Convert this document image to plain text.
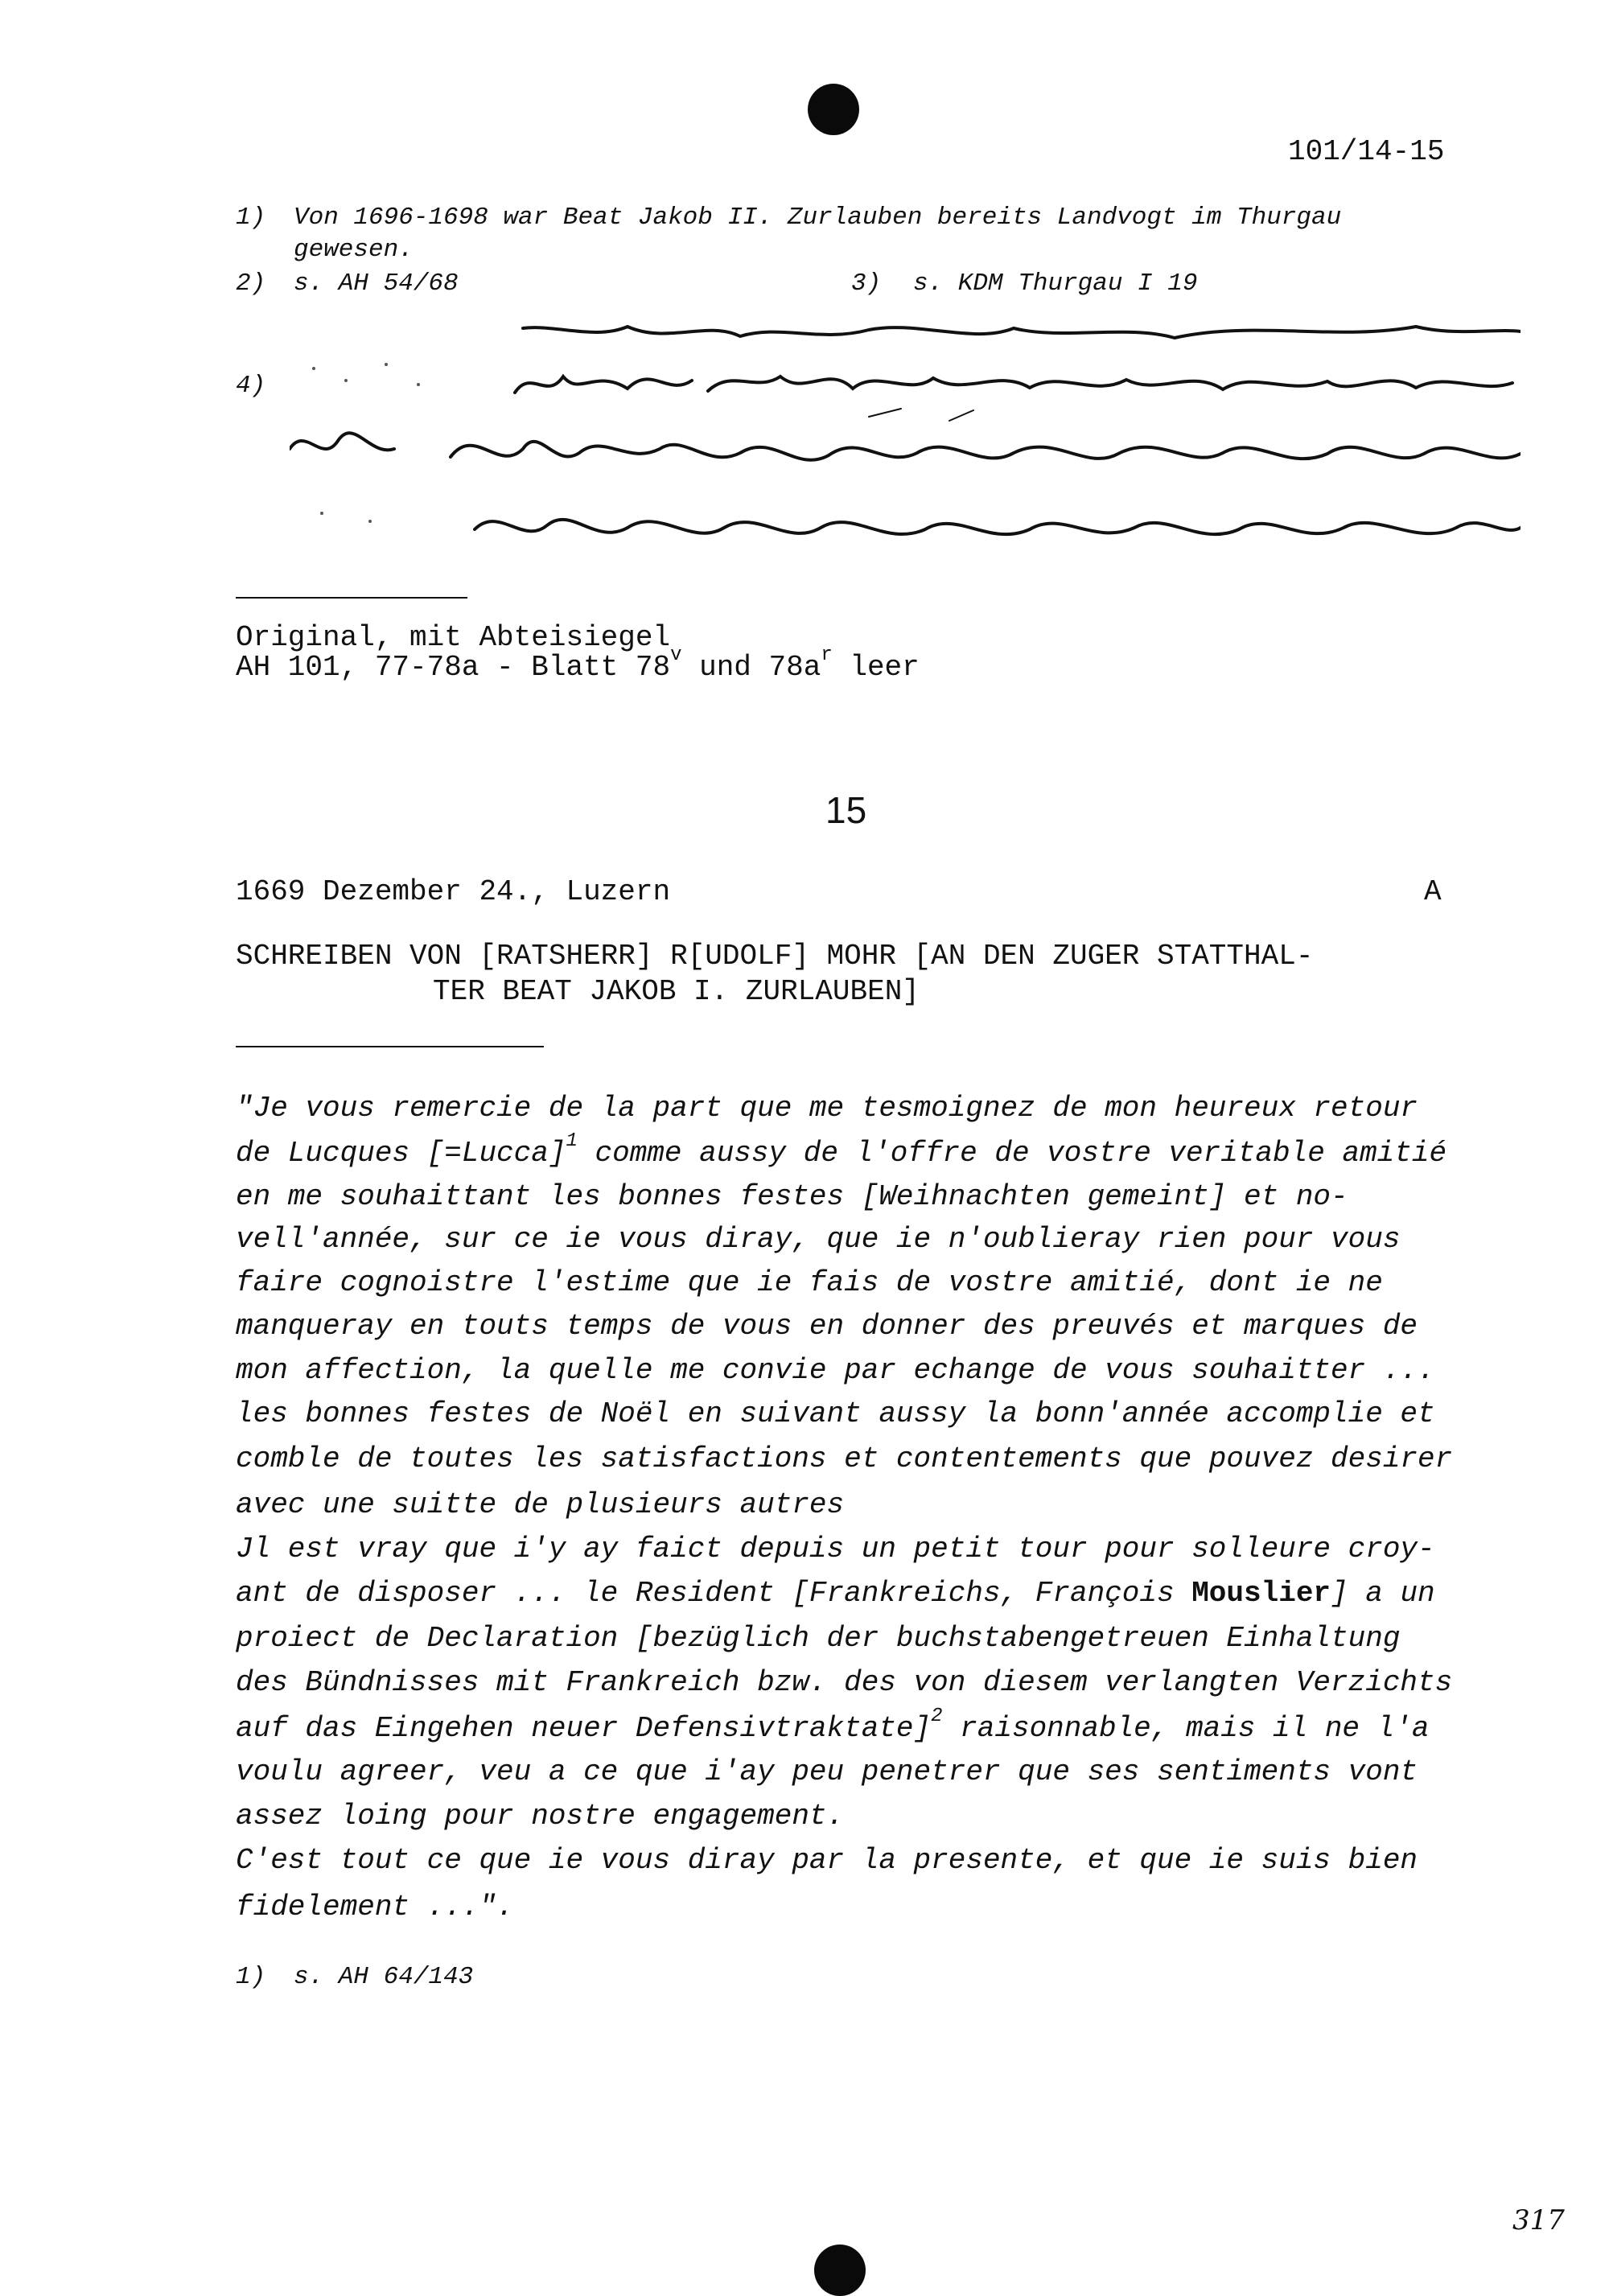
101/14-15
1) Von 1696-1698 war Beat Jakob II. Zurlauben bereits Landvogt im Thurgau
gewesen.
2) s. AH 54/68	3) s. KDM Thurgau I 19
4)
Original, mit Abteisiegel
AH 101, 77-78a - Blatt 78$^v$ und $78a^r$ leer
15
1669 Dezember 24., Luzern	A
SCHREIBEN VON [RATSHERR] R[UDOLF] MOHR [AN DEN ZUGER STATTHAL-
TER BEAT JAKOB I. ZURLAUBEN]
"Je vous remercie de la part que me tesmoignez de mon heureux retour
de Lucques [=Lucca]$^1$ comme aussy de l'offre de vostre veritable amitié
en me souhaittant les bonnes festes [Weihnachten gemeint] et no-
vell'année, sur ce ie vous diray, que ie n'oublieray rien pour vous
faire cognoistre l'estime que ie fais de vostre amitié, dont ie ne
manqueray en touts temps de vous en donner des preuvés et marques de
mon affection, la quelle me convie par echange de vous souhaitter ...
les bonnes festes de Noël en suivant aussy la bonn'année accomplie et
comble de toutes les satisfactions et contentements que pouvez desirer
avec une suitte de plusieurs autres
Jl est vray que i'y ay faict depuis un petit tour pour solleure croy-
ant de disposer ... le Resident [Frankreichs, François Mouslier] a un
proiect de Declaration [bezüglich der buchstabengetreuen Einhaltung
des Bündnisses mit Frankreich bzw. des von diesem verlangten Verzichts
auf das Eingehen neuer Defensivtraktate]$^2$ raisonnable, mais il ne l'a
voulu agreer, veu a ce que i'ay peu penetrer que ses sentiments vont
assez loing pour nostre engagement.
C'est tout ce que ie vous diray par la presente, et que ie suis bien
fidelement ...".
1) s. AH 64/143
317
